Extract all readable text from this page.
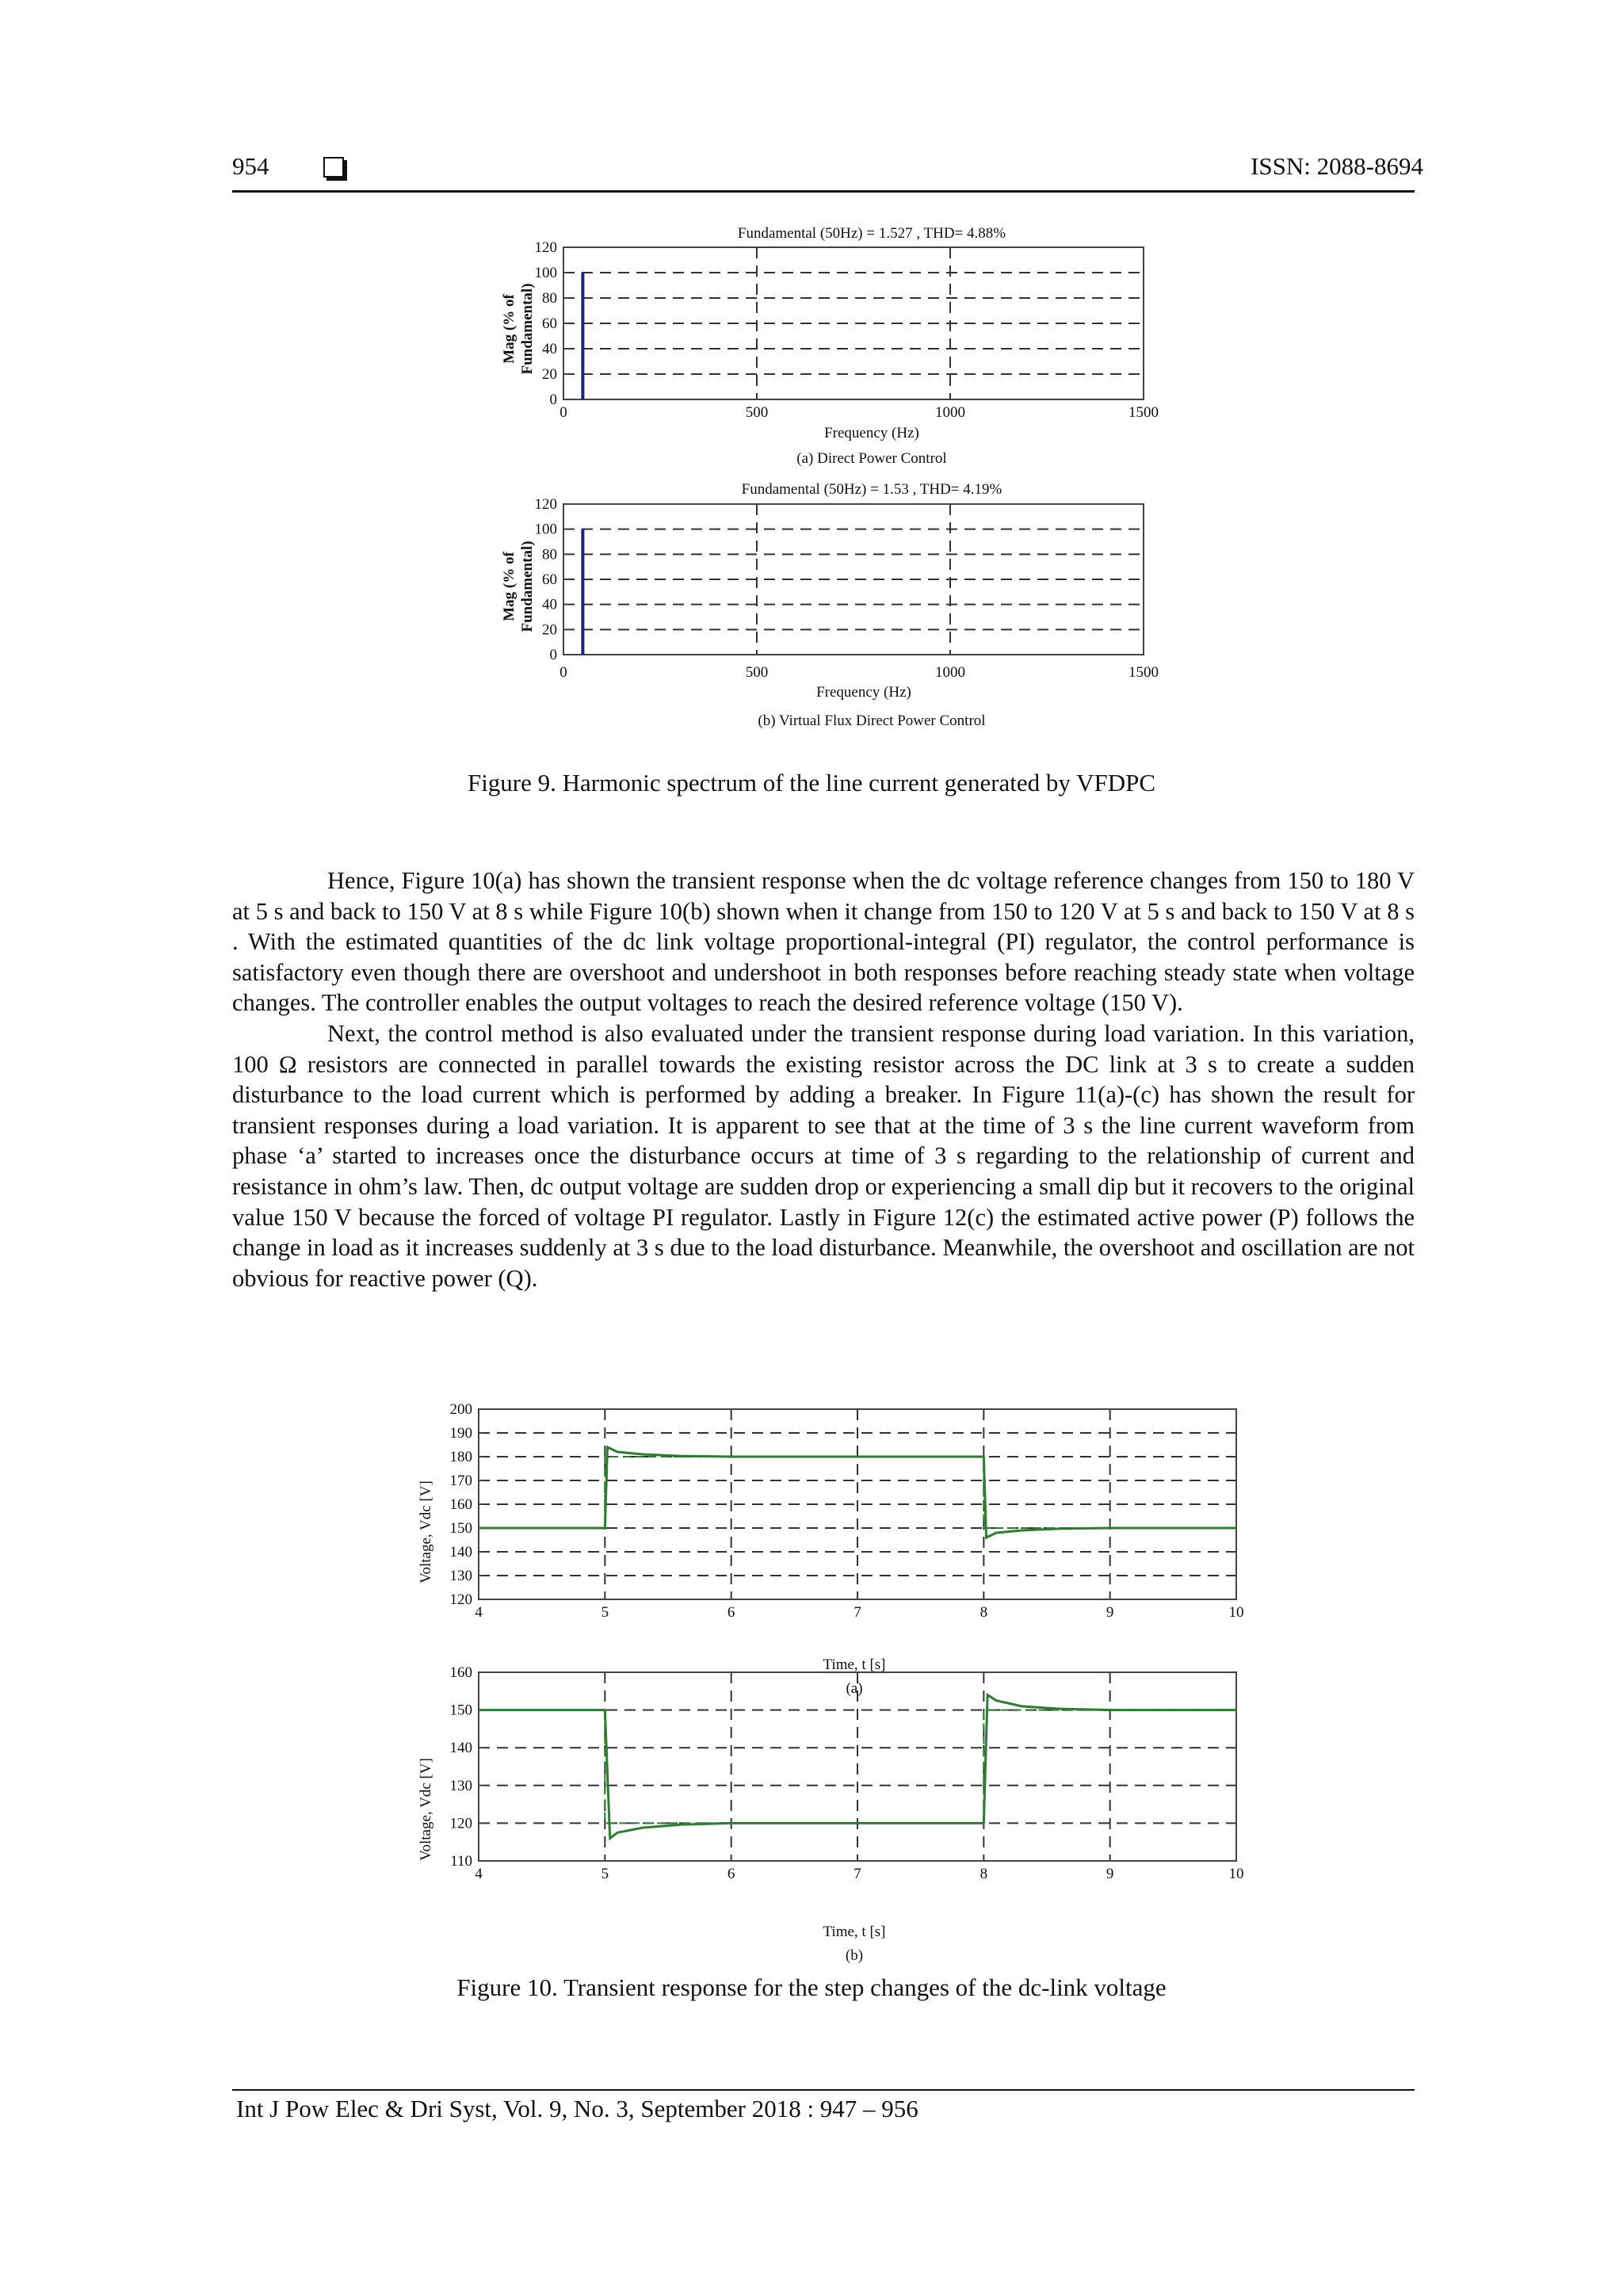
954	ISSN: 2088-8694
Fundamental (50Hz) = 1.527 , THD= 4.88%
Mag (% of Fundamental)
Frequency (Hz)
(a) Direct Power Control
0
20
40
60
80
100
120
0	500	1000	1500
Fundamental (50Hz) = 1.53 , THD= 4.19%
Mag (% of Fundamental)
Frequency (Hz)
(b) Virtual Flux Direct Power Control
0
20
40
60
80
100
120
0	500	1000	1500
Figure 9. Harmonic spectrum of the line current generated by VFDPC

Hence, Figure 10(a) has shown the transient response when the dc voltage reference changes from 150 to 180 V at 5 s and back to 150 V at 8 s while Figure 10(b) shown when it change from 150 to 120 V at 5 s and back to 150 V at 8 s . With the estimated quantities of the dc link voltage proportional-integral (PI) regulator, the control performance is satisfactory even though there are overshoot and undershoot in both responses before reaching steady state when voltage changes. The controller enables the output voltages to reach the desired reference voltage (150 V).

Next, the control method is also evaluated under the transient response during load variation. In this variation, 100 Ω resistors are connected in parallel towards the existing resistor across the DC link at 3 s to create a sudden disturbance to the load current which is performed by adding a breaker. In Figure 11(a)-(c) has shown the result for transient responses during a load variation. It is apparent to see that at the time of 3 s the line current waveform from phase ‘a’ started to increases once the disturbance occurs at time of 3 s regarding to the relationship of current and resistance in ohm’s law. Then, dc output voltage are sudden drop or experiencing a small dip but it recovers to the original value 150 V because the forced of voltage PI regulator. Lastly in Figure 12(c) the estimated active power (P) follows the change in load as it increases suddenly at 3 s due to the load disturbance. Meanwhile, the overshoot and oscillation are not obvious for reactive power (Q).

Voltage, Vdc [V]
Time, t [s]
(a)
120
130
140
150
160
170
180
190
200
4	5	6	7	8	9	10
Voltage, Vdc [V]
Time, t [s]
(b)
110
120
130
140
150
160
4	5	6	7	8	9	10
Figure 10. Transient response for the step changes of the dc-link voltage
Int J Pow Elec & Dri Syst, Vol. 9, No. 3, September 2018 : 947 – 956
